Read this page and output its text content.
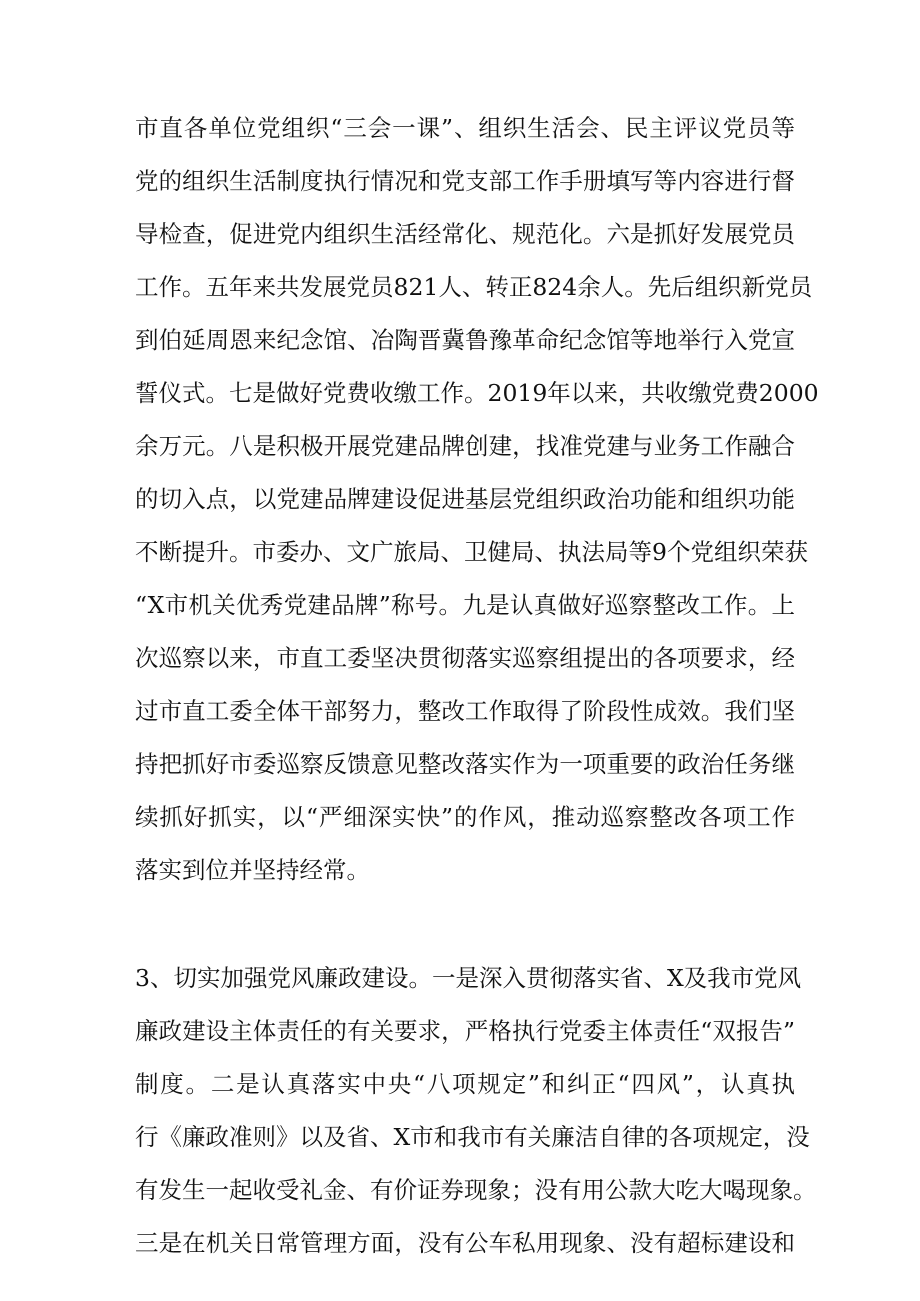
市直各单位党组织“三会一课”、组织生活会、民主评议党员等
党的组织生活制度执行情况和党支部工作手册填写等内容进行督
导检查，促进党内组织生活经常化、规范化。六是抓好发展党员
工作。五年来共发展党员821人、转正824余人。先后组织新党员
到伯延周恩来纪念馆、冶陶晋冀鲁豫革命纪念馆等地举行入党宣
誓仪式。七是做好党费收缴工作。2019年以来，共收缴党费2000
余万元。八是积极开展党建品牌创建，找准党建与业务工作融合
的切入点，以党建品牌建设促进基层党组织政治功能和组织功能
不断提升。市委办、文广旅局、卫健局、执法局等9个党组织荣获
“X市机关优秀党建品牌”称号。九是认真做好巡察整改工作。上
次巡察以来，市直工委坚决贯彻落实巡察组提出的各项要求，经
过市直工委全体干部努力，整改工作取得了阶段性成效。我们坚
持把抓好市委巡察反馈意见整改落实作为一项重要的政治任务继
续抓好抓实，以“严细深实快”的作风，推动巡察整改各项工作
落实到位并坚持经常。
3、切实加强党风廉政建设。一是深入贯彻落实省、X及我市党风
廉政建设主体责任的有关要求，严格执行党委主体责任“双报告”
制度。二是认真落实中央“八项规定”和纠正“四风”，认真执
行《廉政准则》以及省、X市和我市有关廉洁自律的各项规定，没
有发生一起收受礼金、有价证券现象；没有用公款大吃大喝现象。
三是在机关日常管理方面，没有公车私用现象、没有超标建设和
